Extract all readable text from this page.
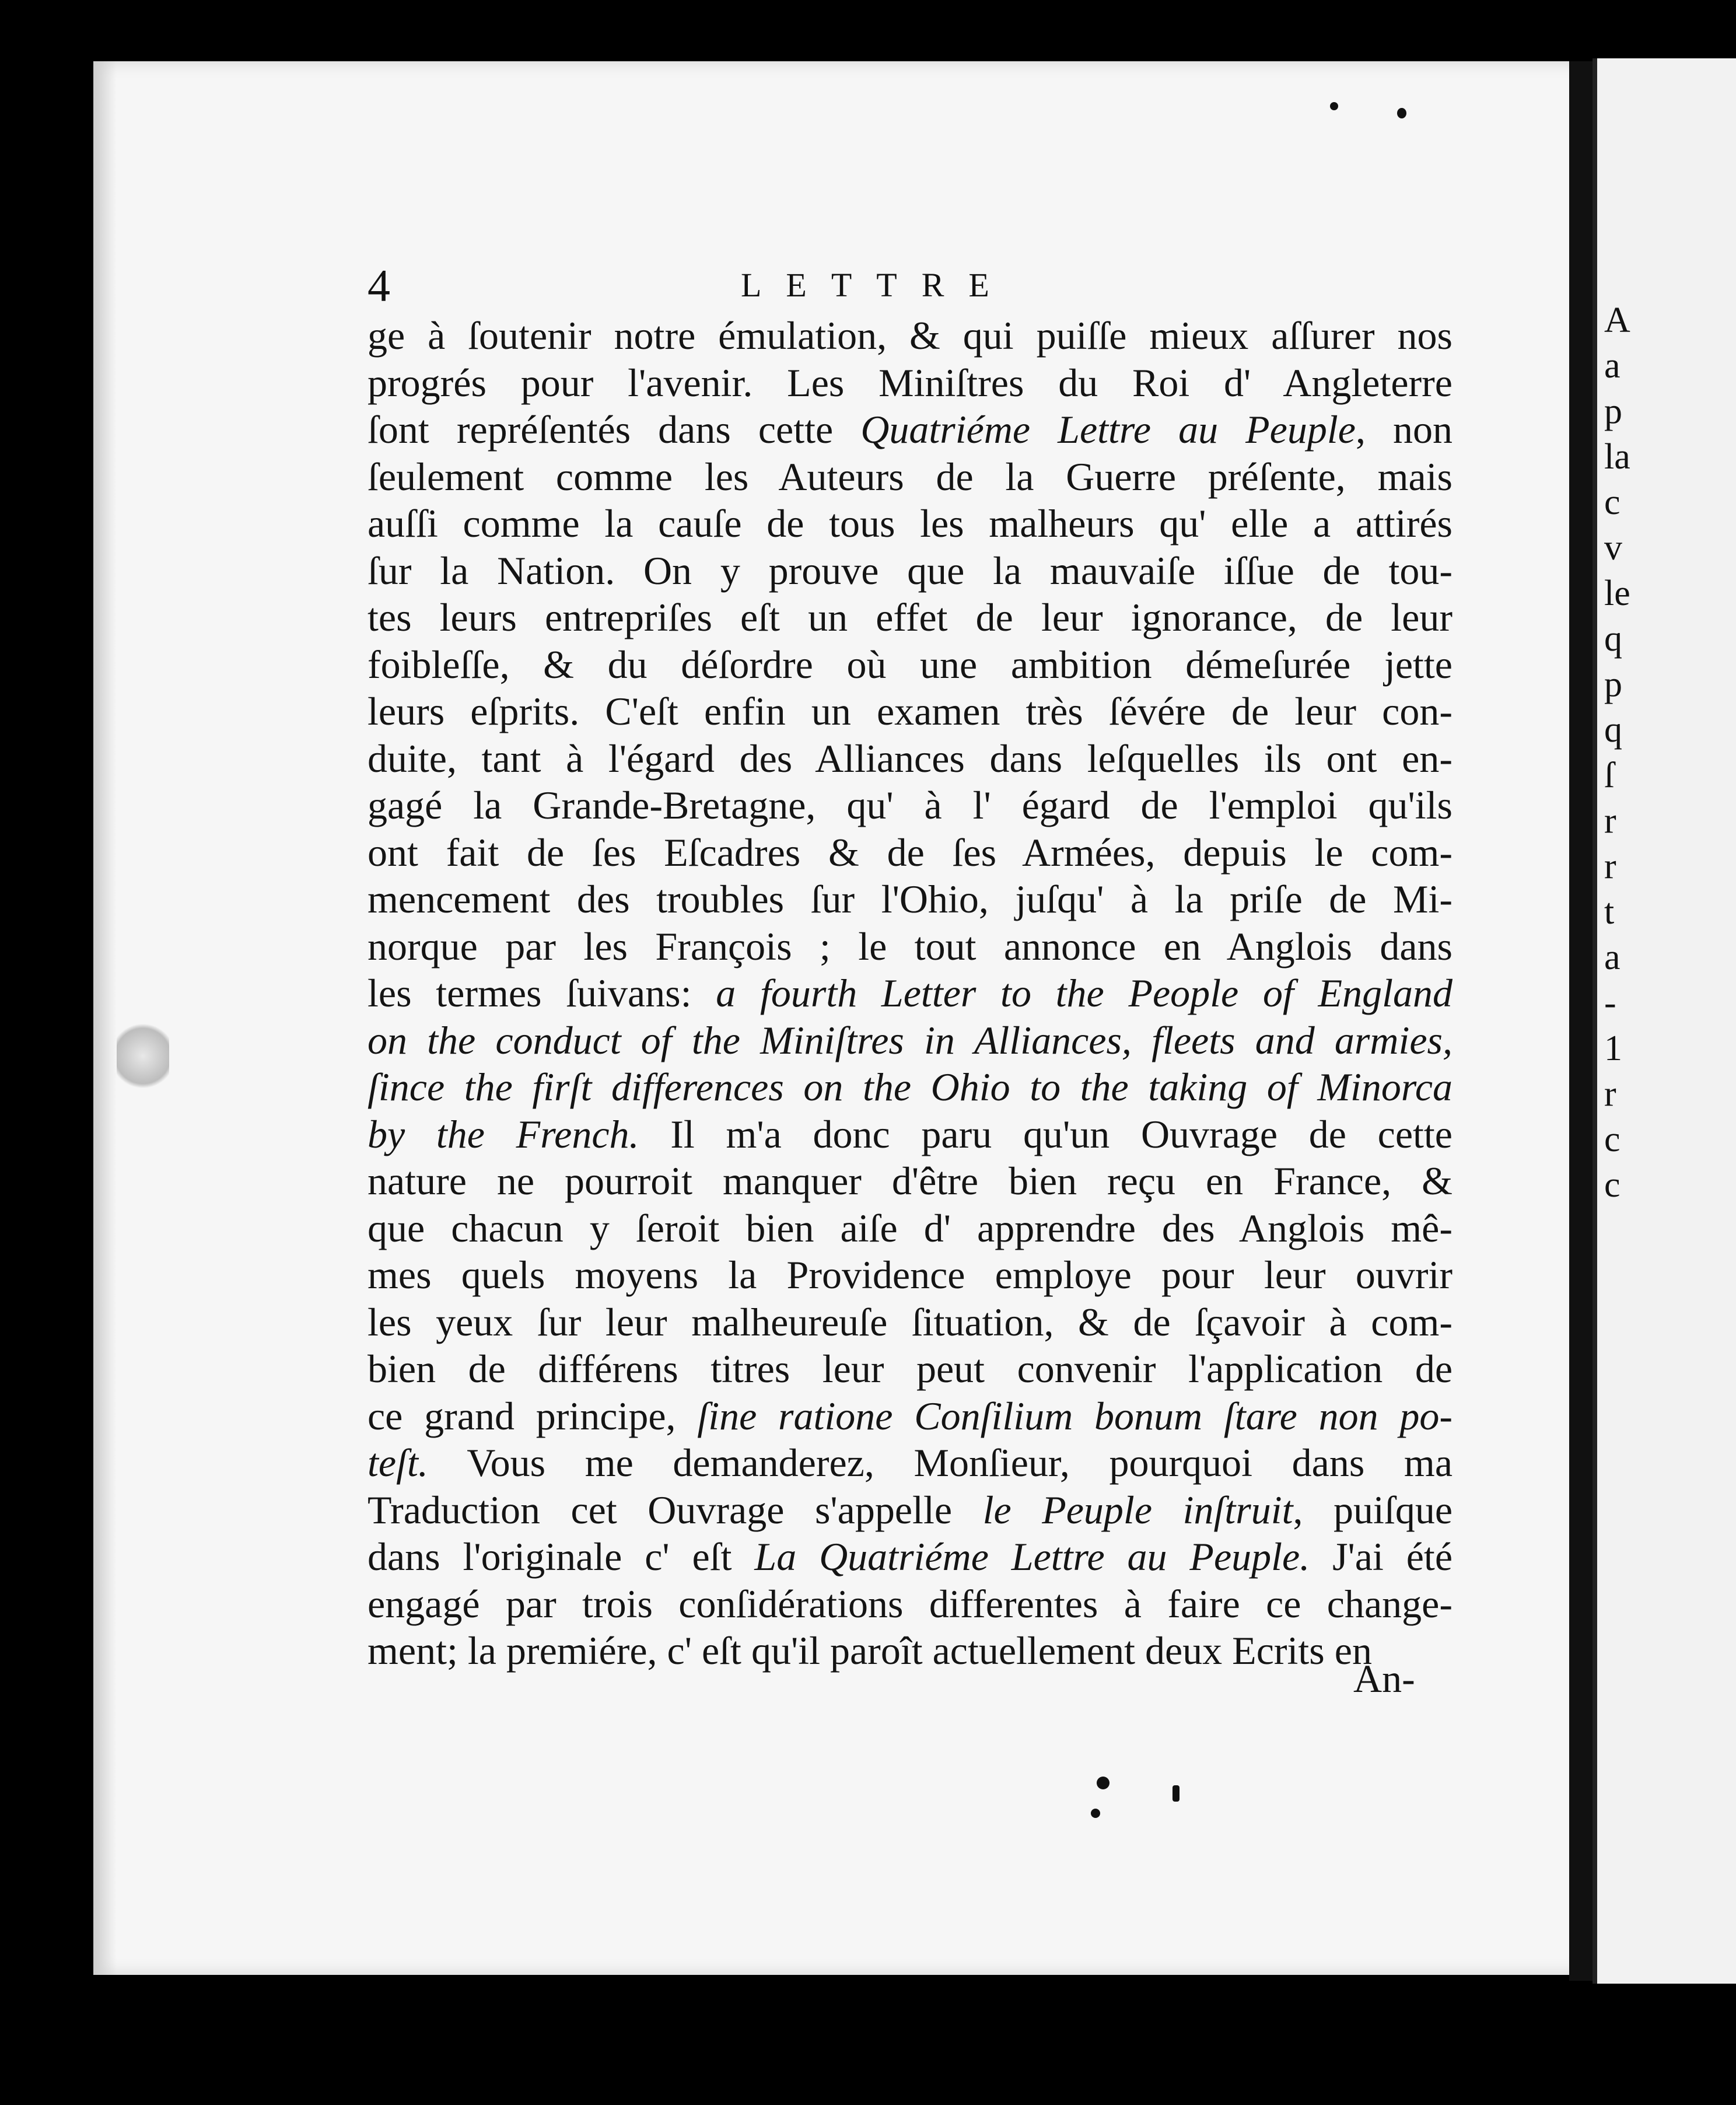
A
a
p
la
c
v
le
q
p
q
ſ
r
r
t
a
-
1
r
c
c
4	LETTRE
ge à ſoutenir notre émulation, & qui puiſſe mieux aſſurer nos
progrés pour l'avenir. Les Miniſtres du Roi d' Angleterre
ſont repréſentés dans cette Quatriéme Lettre au Peuple, non
ſeulement comme les Auteurs de la Guerre préſente, mais
auſſi comme la cauſe de tous les malheurs qu' elle a attirés
ſur la Nation. On y prouve que la mauvaiſe iſſue de tou-
tes leurs entrepriſes eſt un effet de leur ignorance, de leur
foibleſſe, & du déſordre où une ambition démeſurée jette
leurs eſprits. C'eſt enfin un examen très ſévére de leur con-
duite, tant à l'égard des Alliances dans leſquelles ils ont en-
gagé la Grande-Bretagne, qu' à l' égard de l'emploi qu'ils
ont fait de ſes Eſcadres & de ſes Armées, depuis le com-
mencement des troubles ſur l'Ohio, juſqu' à la priſe de Mi-
norque par les François ; le tout annonce en Anglois dans
les termes ſuivans: a fourth Letter to the People of England
on the conduct of the Miniſtres in Alliances, fleets and armies,
ſince the firſt differences on the Ohio to the taking of Minorca
by the French. Il m'a donc paru qu'un Ouvrage de cette
nature ne pourroit manquer d'être bien reçu en France, &
que chacun y ſeroit bien aiſe d' apprendre des Anglois mê-
mes quels moyens la Providence employe pour leur ouvrir
les yeux ſur leur malheureuſe ſituation, & de ſçavoir à com-
bien de différens titres leur peut convenir l'application de
ce grand principe, ſine ratione Conſilium bonum ſtare non po-
teſt. Vous me demanderez, Monſieur, pourquoi dans ma
Traduction cet Ouvrage s'appelle le Peuple inſtruit, puiſque
dans l'originale c' eſt La Quatriéme Lettre au Peuple. J'ai été
engagé par trois conſidérations differentes à faire ce change-
ment; la premiére, c' eſt qu'il paroît actuellement deux Ecrits en
An-
